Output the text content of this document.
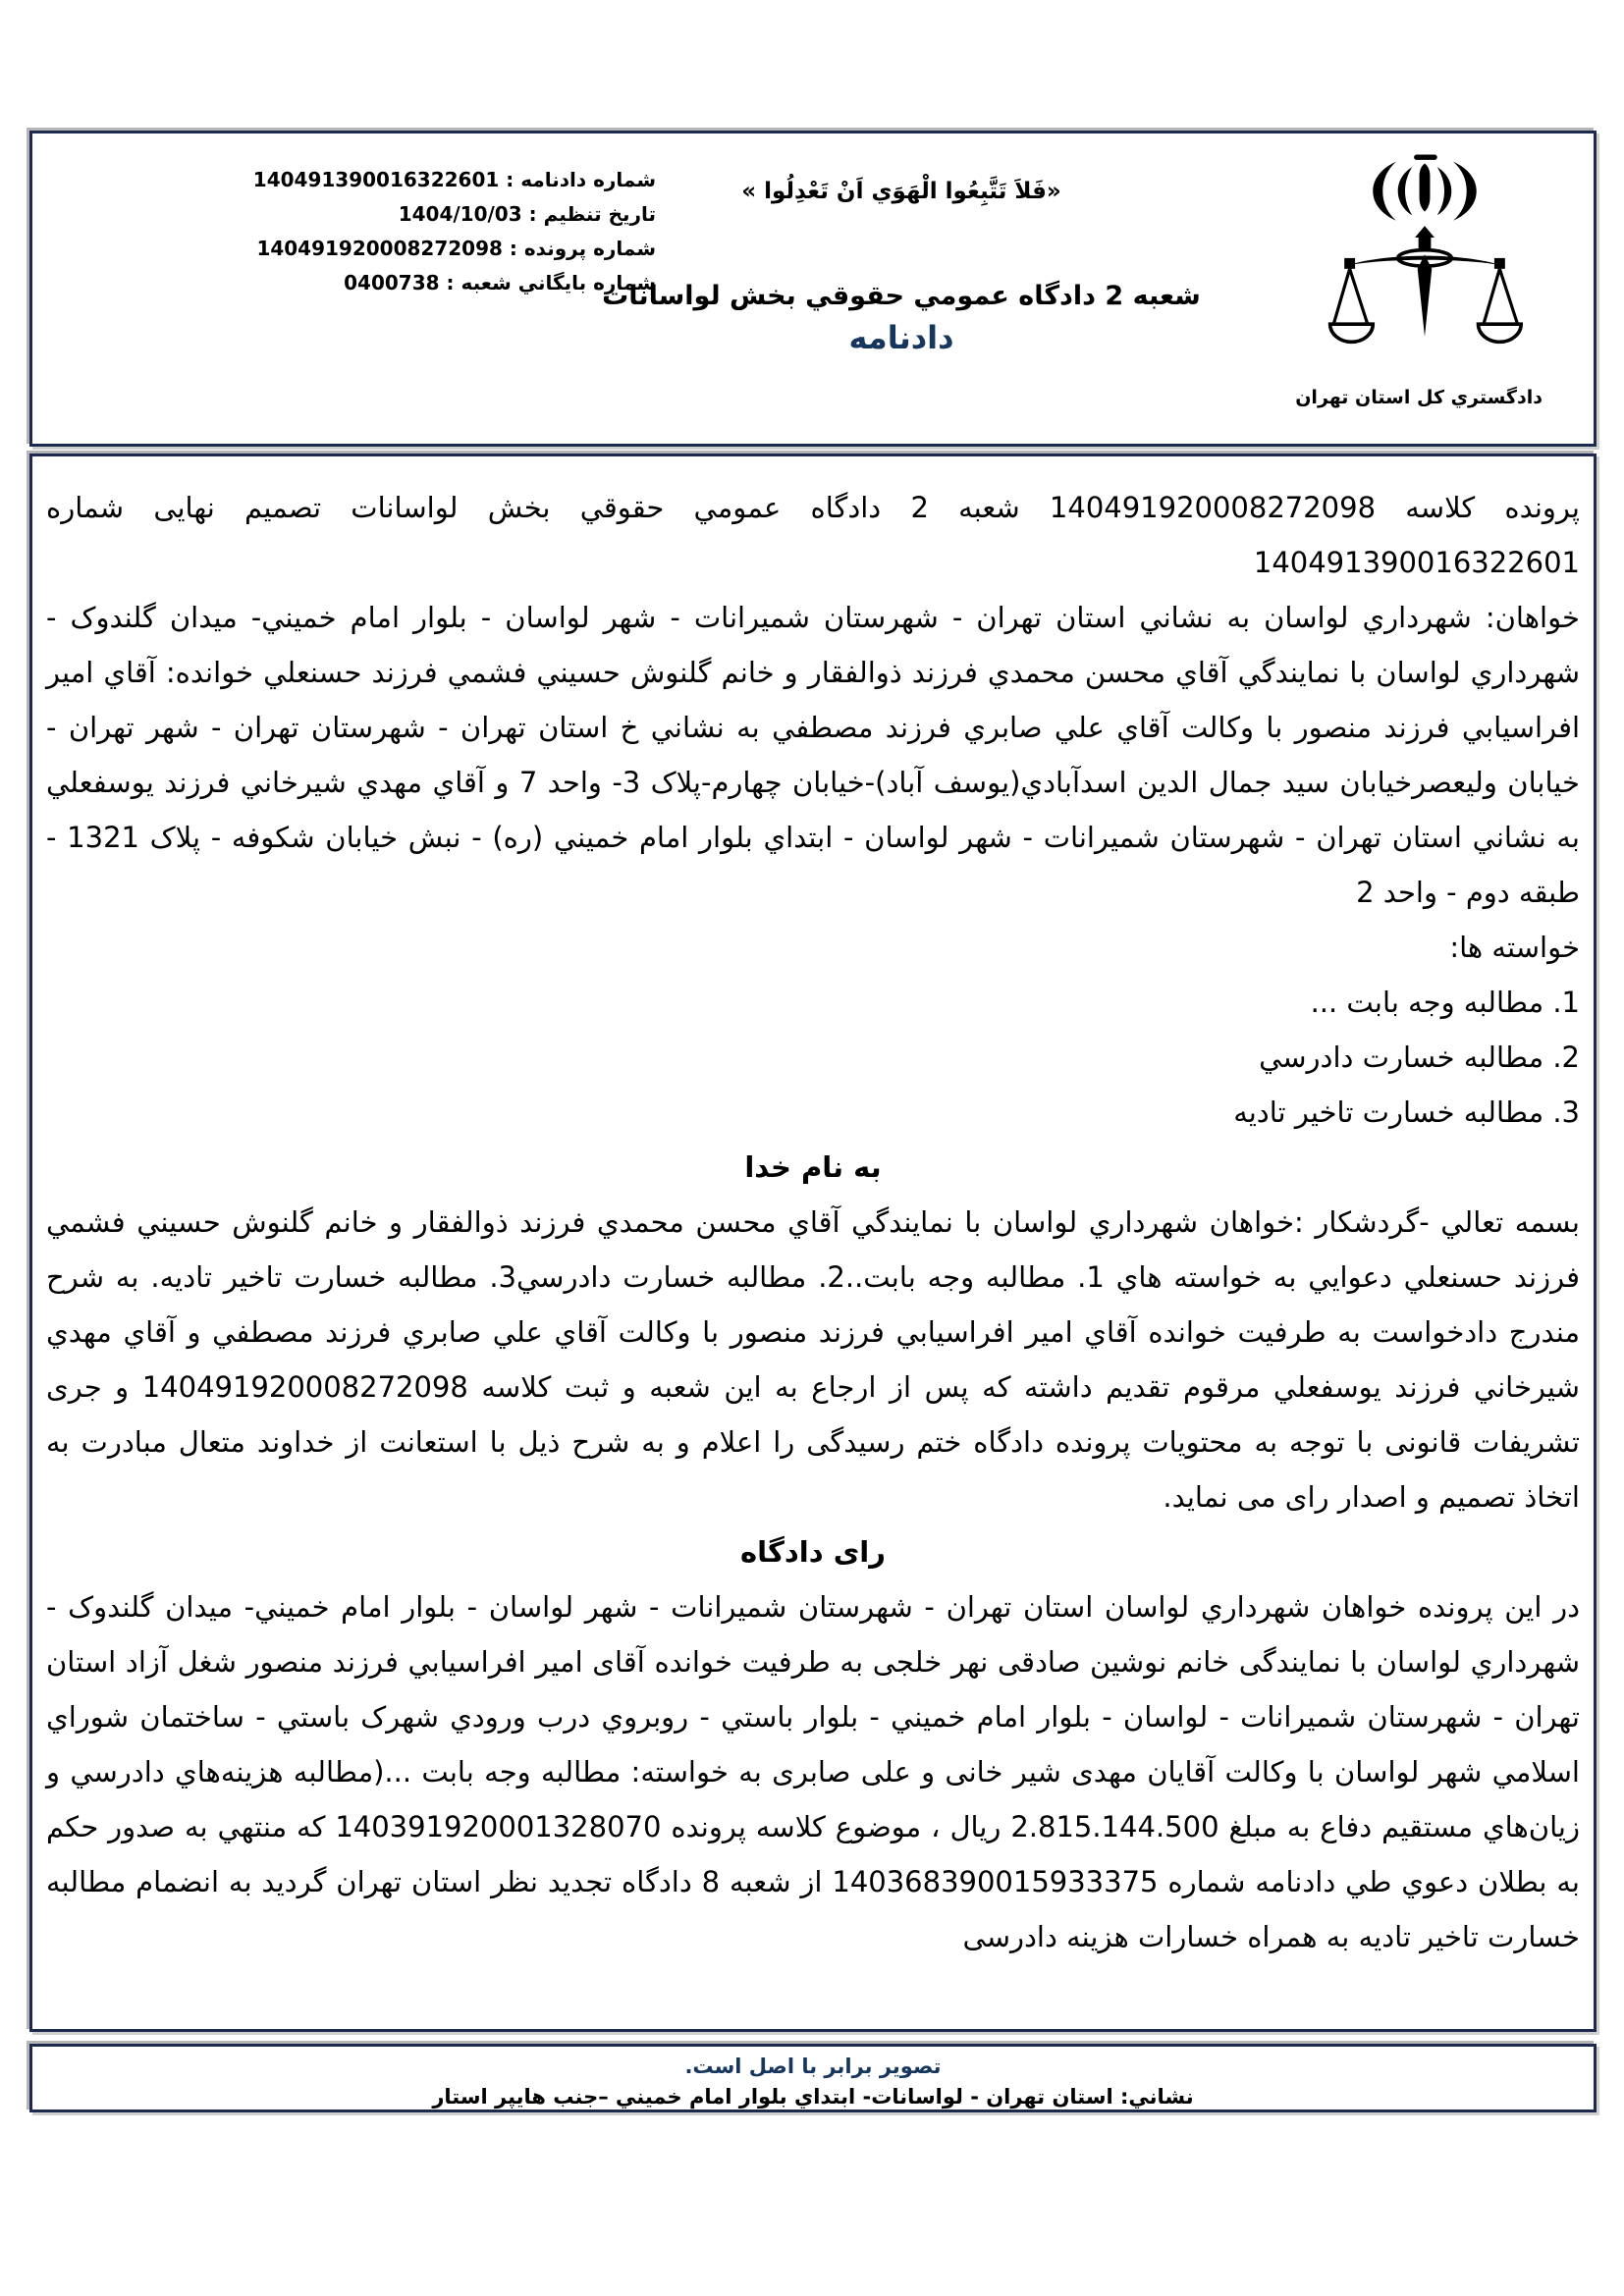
شماره دادنامه : 140491390016322601
تاريخ تنظيم : 1404/10/03
شماره پرونده : 140491920008272098
شماره بايگاني شعبه : 0400738
«فَلاَ تَتَّبِعُوا الْهَوَي اَنْ تَعْدِلُوا »
شعبه 2 دادگاه عمومي حقوقي بخش لواسانات
دادنامه
دادگستري کل استان تهران

پرونده کلاسه 140491920008272098 شعبه 2 دادگاه عمومي حقوقي بخش لواسانات تصمیم نهایی شماره 140491390016322601

خواهان: شهرداري لواسان به نشاني استان تهران - شهرستان شميرانات - شهر لواسان - بلوار امام خميني- ميدان گلندوک - شهرداري لواسان با نمايندگي آقاي محسن محمدي فرزند ذوالفقار و خانم گلنوش حسيني فشمي فرزند حسنعلي خوانده: آقاي امير افراسيابي فرزند منصور با وکالت آقاي علي صابري فرزند مصطفي به نشاني خ استان تهران - شهرستان تهران - شهر تهران - خيابان وليعصرخيابان سيد جمال الدين اسدآبادي(يوسف آباد)-خيابان چهارم-پلاک 3- واحد 7 و آقاي مهدي شيرخاني فرزند يوسفعلي به نشاني استان تهران - شهرستان شميرانات - شهر لواسان - ابتداي بلوار امام خميني (ره) - نبش خيابان شکوفه - پلاک 1321 - طبقه دوم - واحد 2

خواسته ها:

1. مطالبه وجه بابت ...

2. مطالبه خسارت دادرسي

3. مطالبه خسارت تاخير تاديه

به نام خدا

بسمه تعالي -گردشکار :خواهان شهرداري لواسان با نمايندگي آقاي محسن محمدي فرزند ذوالفقار و خانم گلنوش حسيني فشمي فرزند حسنعلي دعوايي به خواسته هاي 1. مطالبه وجه بابت..2. مطالبه خسارت دادرسي3. مطالبه خسارت تاخير تاديه. به شرح مندرج دادخواست به طرفيت خوانده آقاي امير افراسيابي فرزند منصور با وکالت آقاي علي صابري فرزند مصطفي و آقاي مهدي شيرخاني فرزند يوسفعلي مرقوم تقديم داشته که پس از ارجاع به اين شعبه و ثبت کلاسه 140491920008272098 و جری تشریفات قانونی با توجه به محتویات پرونده دادگاه ختم رسیدگی را اعلام و به شرح ذیل با استعانت از خداوند متعال مبادرت به اتخاذ تصمیم و اصدار رای می نماید.

رای دادگاه

در اين پرونده خواهان شهرداري لواسان استان تهران - شهرستان شميرانات - شهر لواسان - بلوار امام خميني- ميدان گلندوک - شهرداري لواسان با نمايندگی خانم نوشين صادقی نهر خلجی به طرفيت خوانده آقای امير افراسيابي فرزند منصور شغل آزاد استان تهران - شهرستان شميرانات - لواسان - بلوار امام خميني - بلوار باستي - روبروي درب ورودي شهرک باستي - ساختمان شوراي اسلامي شهر لواسان با وکالت آقایان مهدی شیر خانی و علی صابری به خواسته: مطالبه وجه بابت ...(مطالبه هزینه‌هاي دادرسي و زیان‌هاي مستقیم دفاع به مبلغ 2.815.144.500 ریال ، موضوع کلاسه پرونده 140391920001328070 که منتهي به صدور حکم به بطلان دعوي طي دادنامه شماره 140368390015933375 از شعبه 8 دادگاه تجدید نظر استان تهران گردید به انضمام مطالبه خسارت تاخیر تادیه به همراه خسارات هزینه دادرسی

تصویر برابر با اصل است.
نشاني: استان تهران - لواسانات- ابتداي بلوار امام خميني –جنب هايپر استار
